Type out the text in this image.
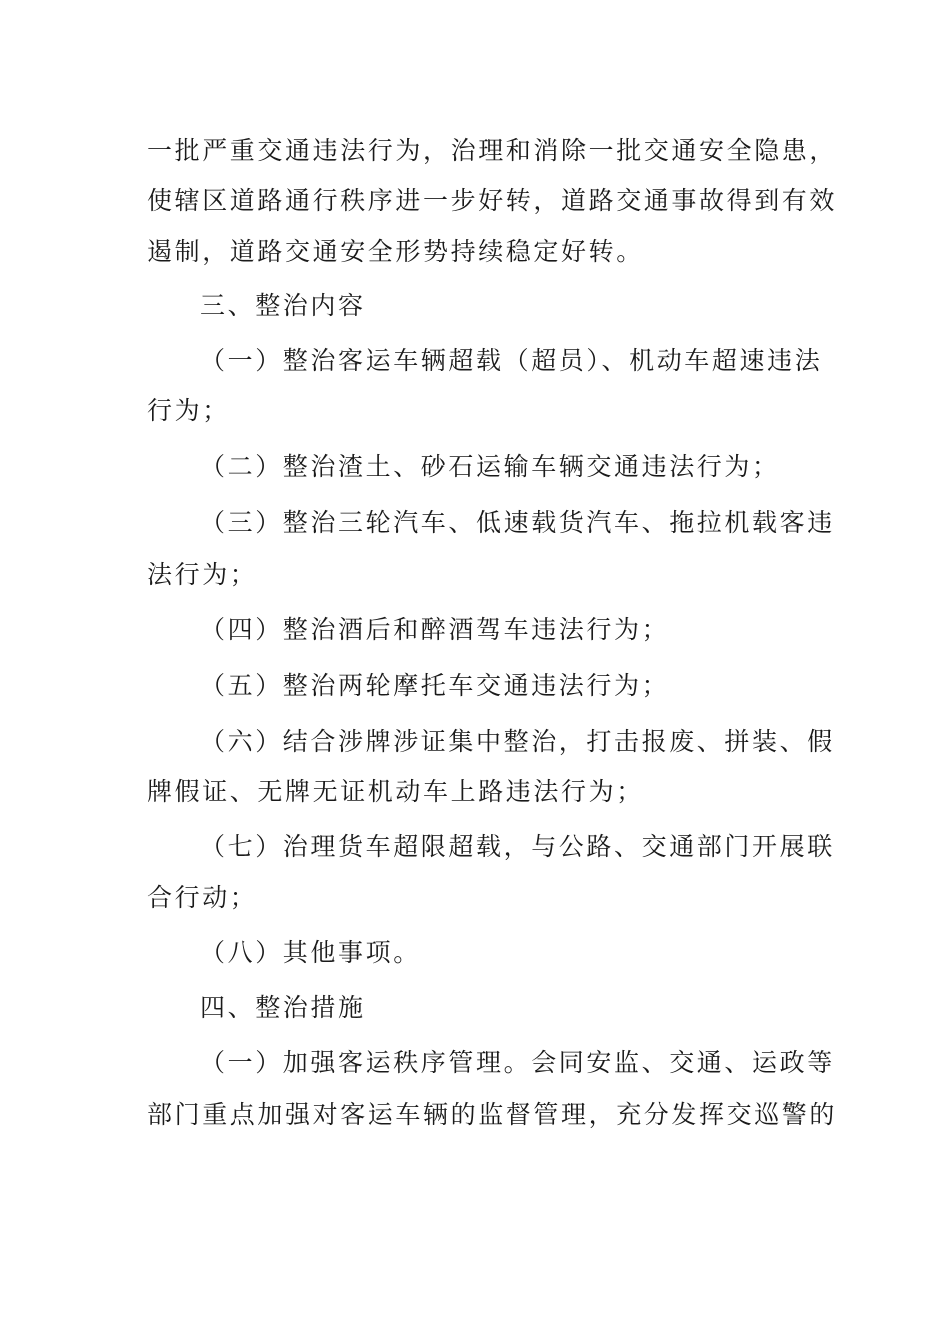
一批严重交通违法行为，治理和消除一批交通安全隐患，
使辖区道路通行秩序进一步好转，道路交通事故得到有效
遏制，道路交通安全形势持续稳定好转。
三、整治内容
（一）整治客运车辆超载（超员）、机动车超速违法
行为；
（二）整治渣土、砂石运输车辆交通违法行为；
（三）整治三轮汽车、低速载货汽车、拖拉机载客违
法行为；
（四）整治酒后和醉酒驾车违法行为；
（五）整治两轮摩托车交通违法行为；
（六）结合涉牌涉证集中整治，打击报废、拼装、假
牌假证、无牌无证机动车上路违法行为；
（七）治理货车超限超载，与公路、交通部门开展联
合行动；
（八）其他事项。
四、整治措施
（一）加强客运秩序管理。会同安监、交通、运政等
部门重点加强对客运车辆的监督管理，充分发挥交巡警的
